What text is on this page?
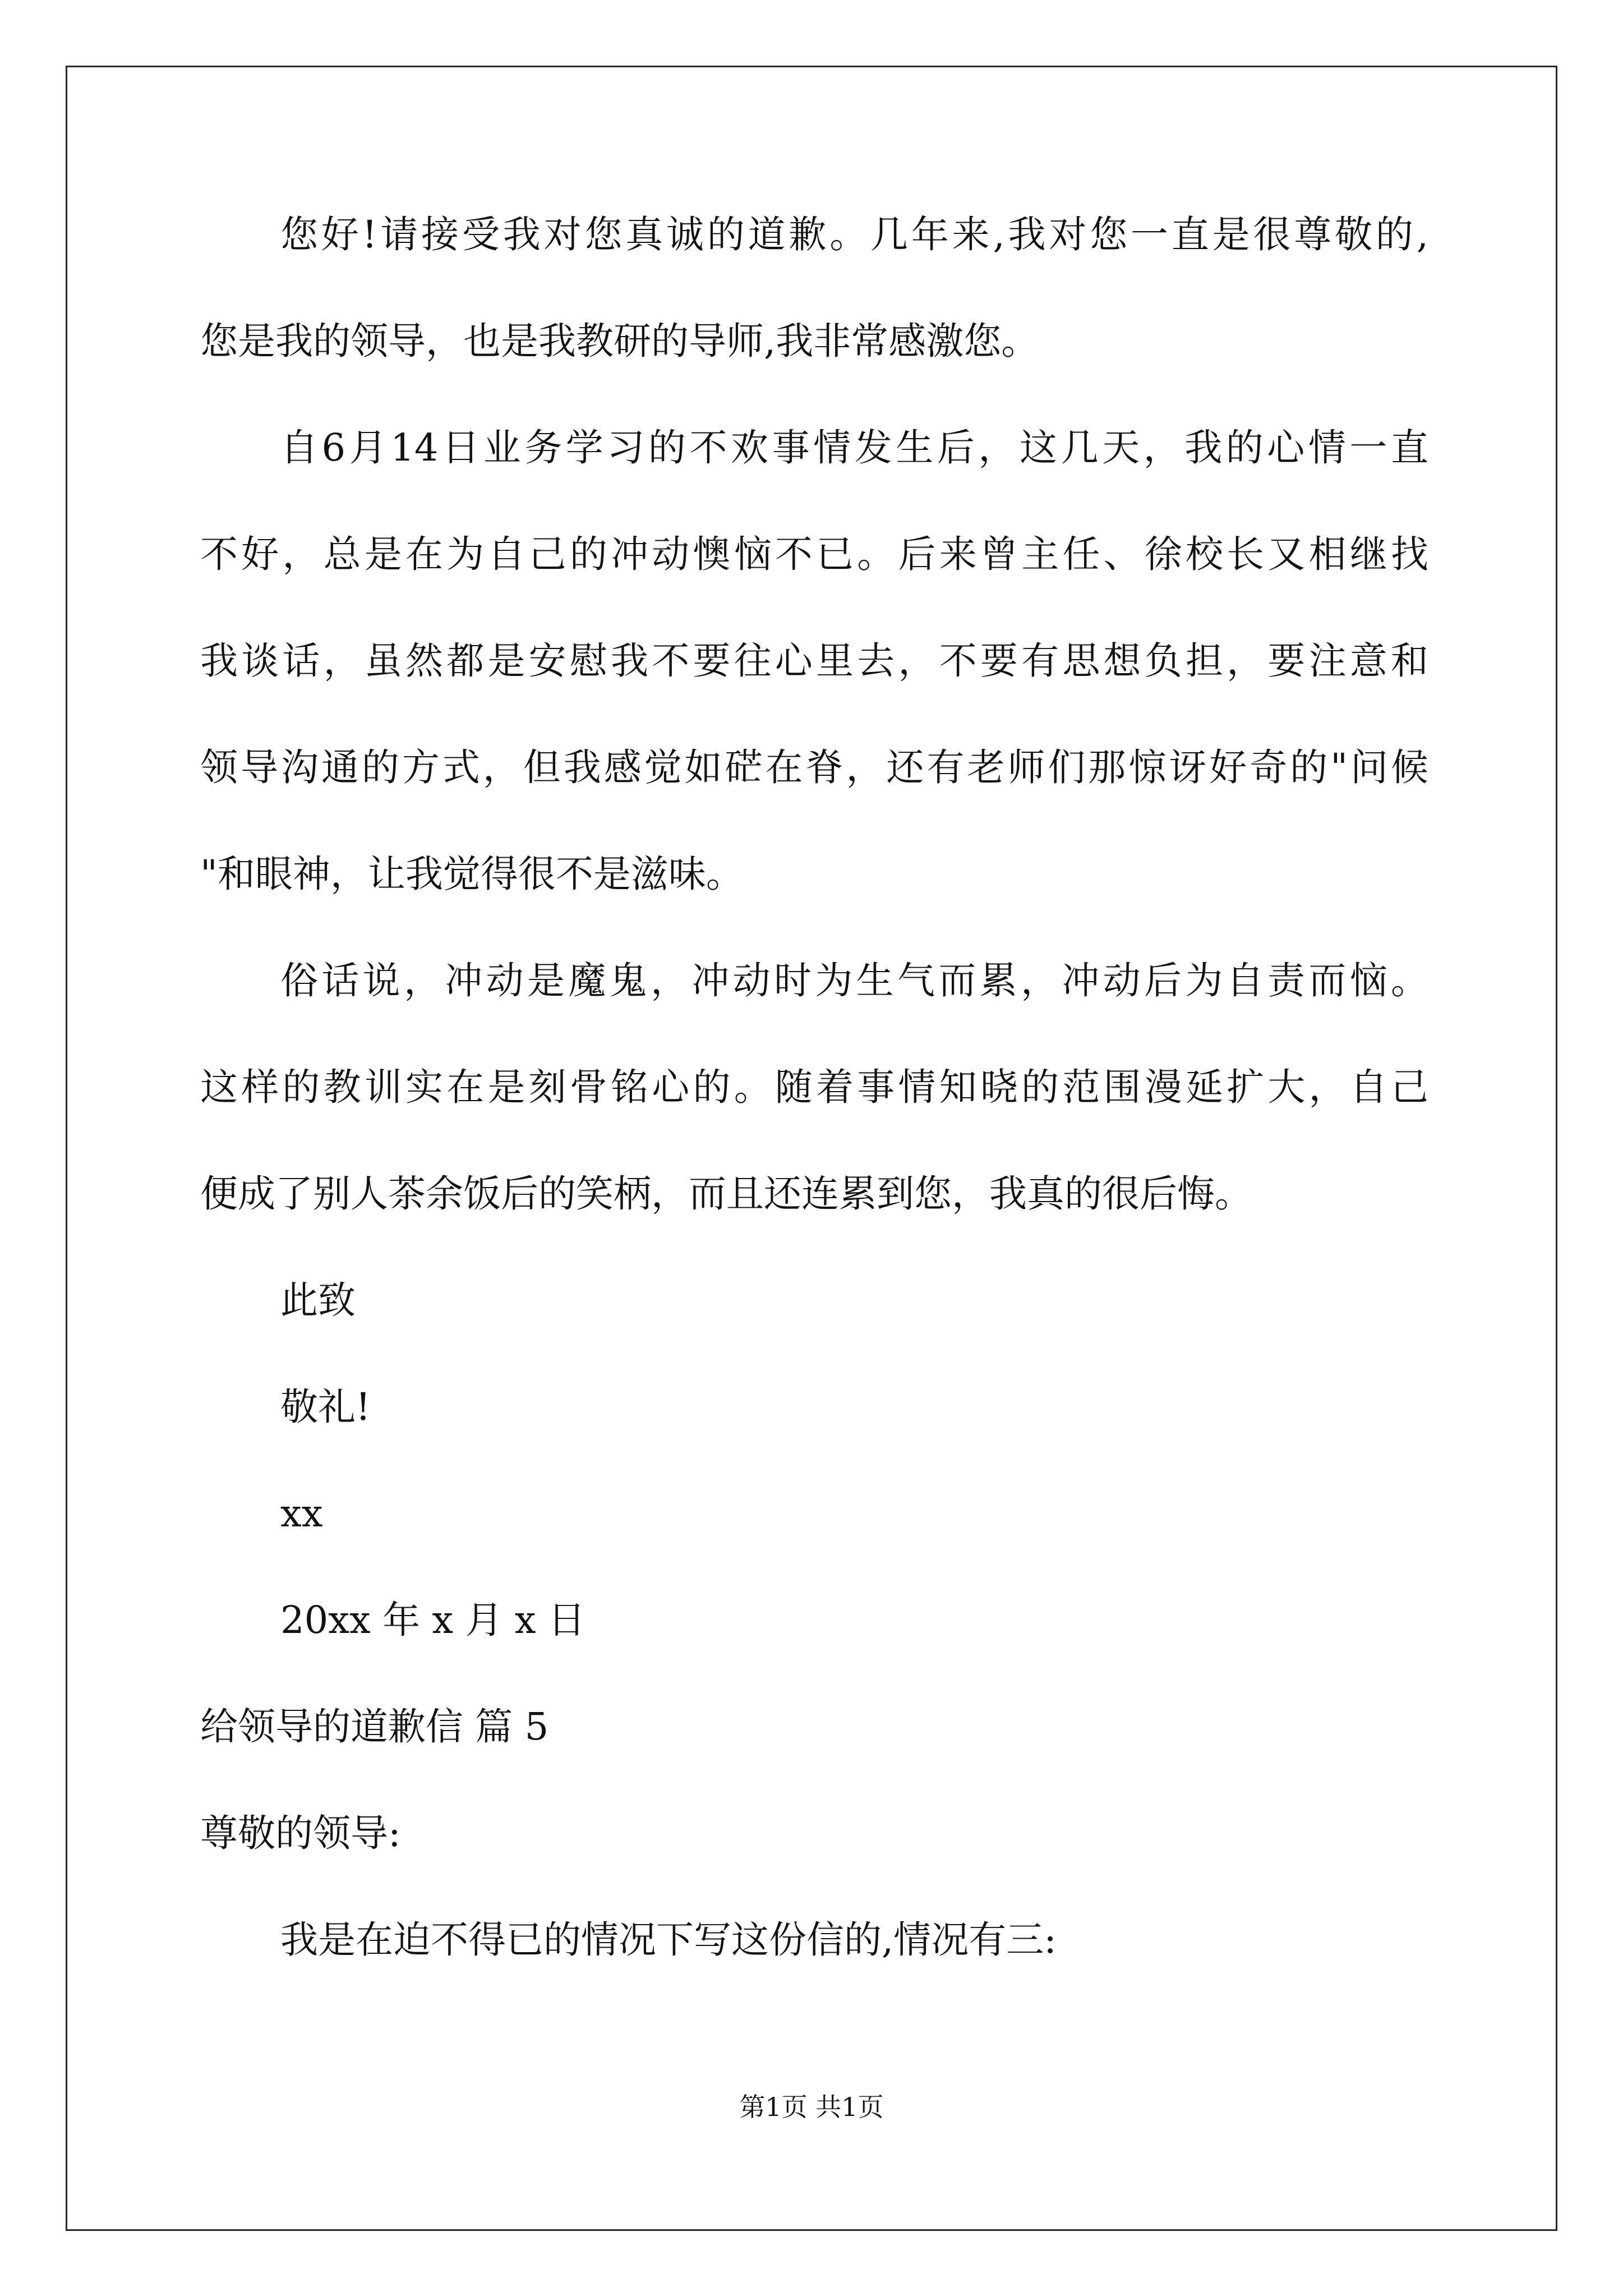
您好!请接受我对您真诚的道歉。几年来,我对您一直是很尊敬的,
您是我的领导，也是我教研的导师,我非常感激您。
自6月14日业务学习的不欢事情发生后，这几天，我的心情一直
不好，总是在为自己的冲动懊恼不已。后来曾主任、徐校长又相继找
我谈话，虽然都是安慰我不要往心里去，不要有思想负担，要注意和
领导沟通的方式，但我感觉如硭在脊，还有老师们那惊讶好奇的"问候
"和眼神，让我觉得很不是滋味。
俗话说，冲动是魔鬼，冲动时为生气而累，冲动后为自责而恼。
这样的教训实在是刻骨铭心的。随着事情知晓的范围漫延扩大，自己
便成了别人茶余饭后的笑柄，而且还连累到您，我真的很后悔。
此致
敬礼!
xx
20xx 年 x 月 x 日
给领导的道歉信 篇 5
尊敬的领导:
我是在迫不得已的情况下写这份信的,情况有三:
第1页 共1页
